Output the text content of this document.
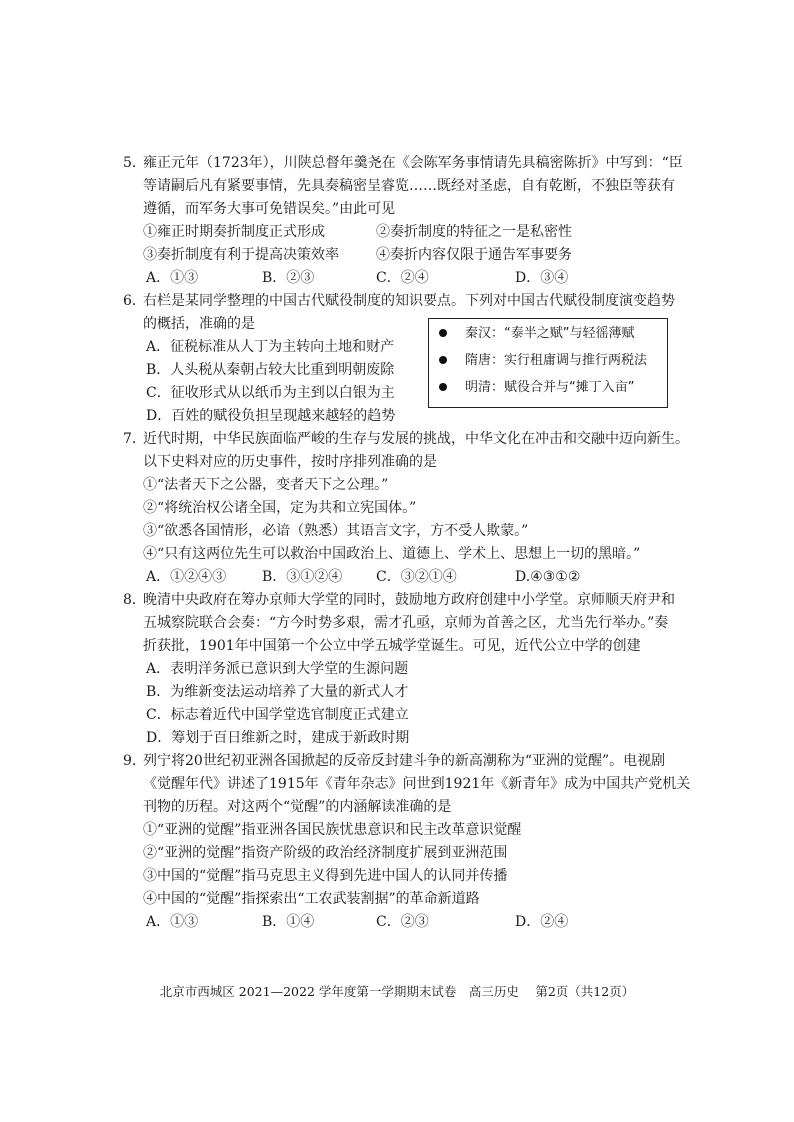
5．
雍正元年（1723年），川陕总督年羹尧在《会陈军务事情请先具稿密陈折》中写到：“臣
等请嗣后凡有紧要事情，先具奏稿密呈睿览……既经对圣虑，自有乾断，不独臣等获有
遵循，而军务大事可免错误矣。”由此可见
①雍正时期奏折制度正式形成	②奏折制度的特征之一是私密性
③奏折制度有利于提高决策效率	④奏折内容仅限于通告军事要务
A．①③	B．②③	C．②④	D．③④
6．
右栏是某同学整理的中国古代赋役制度的知识要点。下列对中国古代赋役制度演变趋势
的概括，准确的是
A．征税标准从人丁为主转向土地和财产
B．人头税从秦朝占较大比重到明朝废除
C．征收形式从以纸币为主到以白银为主
D．百姓的赋役负担呈现越来越轻的趋势
秦汉：“泰半之赋”与轻徭薄赋
隋唐：实行租庸调与推行两税法
明清：赋役合并与“摊丁入亩”
7．
近代时期，中华民族面临严峻的生存与发展的挑战，中华文化在冲击和交融中迈向新生。
以下史料对应的历史事件，按时序排列准确的是
①“法者天下之公器，变者天下之公理。”
②“将统治权公诸全国，定为共和立宪国体。”
③“欲悉各国情形，必谙（熟悉）其语言文字，方不受人欺蒙。”
④“只有这两位先生可以救治中国政治上、道德上、学术上、思想上一切的黑暗。”
A．①②④③	B．③①②④ C．③②①④	D.④③①②
8．
晚清中央政府在筹办京师大学堂的同时，鼓励地方政府创建中小学堂。京师顺天府尹和
五城察院联合会奏：“方今时势多艰，需才孔亟，京师为首善之区，尤当先行举办。”奏
折获批，1901年中国第一个公立中学五城学堂诞生。可见，近代公立中学的创建
A．表明洋务派已意识到大学堂的生源问题
B．为维新变法运动培养了大量的新式人才
C．标志着近代中国学堂选官制度正式建立
D．筹划于百日维新之时，建成于新政时期
9．
列宁将20世纪初亚洲各国掀起的反帝反封建斗争的新高潮称为“亚洲的觉醒”。电视剧
《觉醒年代》讲述了1915年《青年杂志》问世到1921年《新青年》成为中国共产党机关
刊物的历程。对这两个“觉醒”的内涵解读准确的是
①“亚洲的觉醒”指亚洲各国民族忧患意识和民主改革意识觉醒
②“亚洲的觉醒”指资产阶级的政治经济制度扩展到亚洲范围
③中国的“觉醒”指马克思主义得到先进中国人的认同并传播
④中国的“觉醒”指探索出“工农武装割据”的革命新道路
A．①③	B．①④	C．②③	D．②④
北京市西城区 2021—2022 学年度第一学期期末试卷　高三历史　 第2页（共12页）
